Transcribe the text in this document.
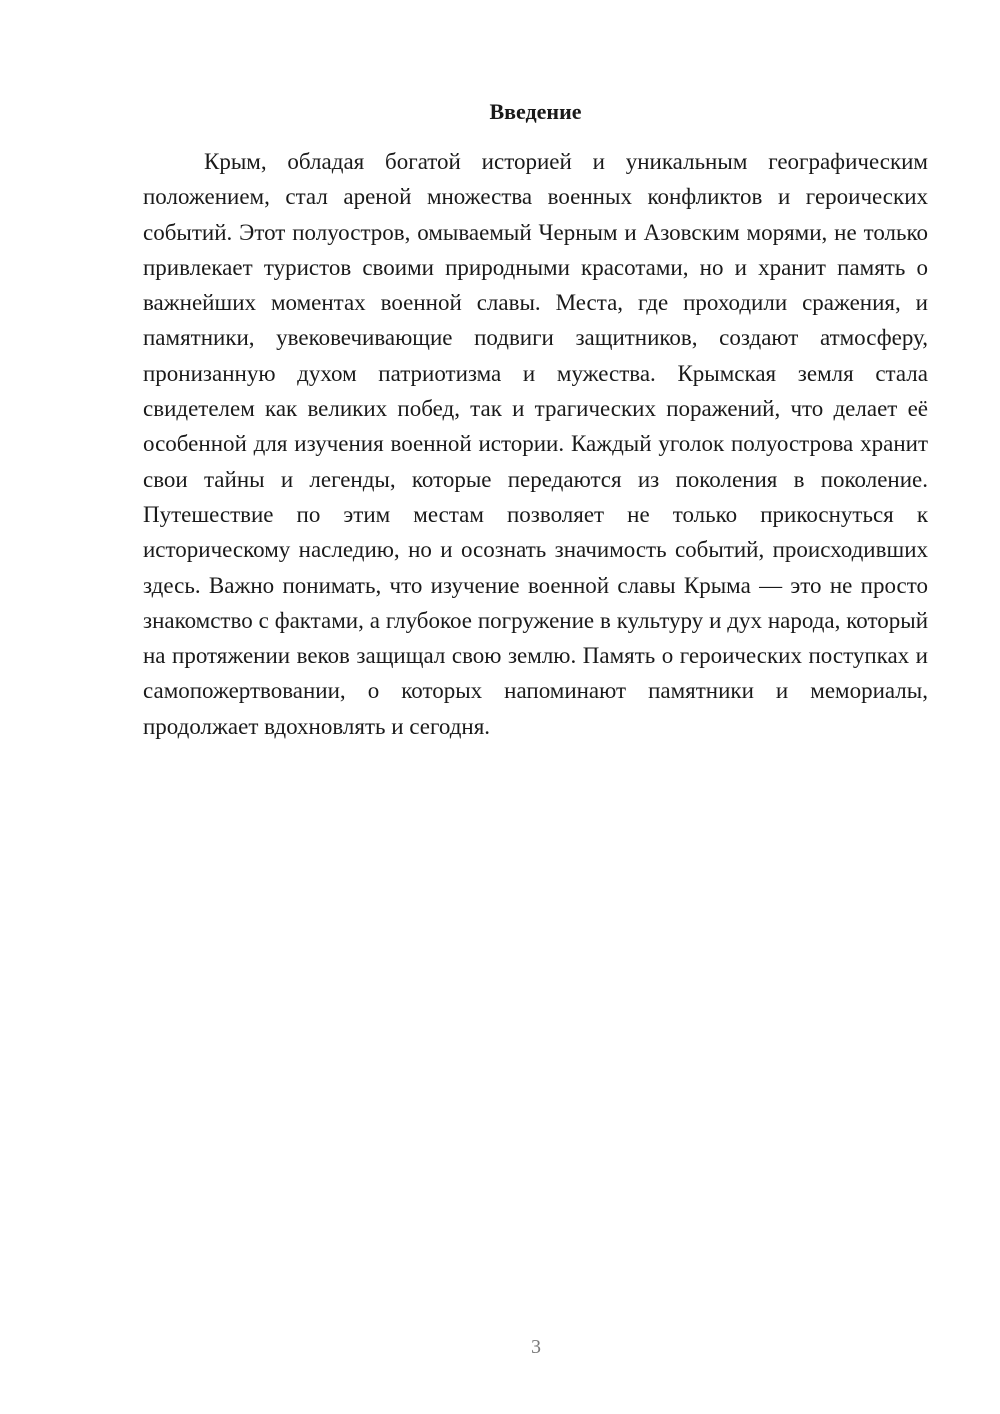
Введение

Крым, обладая богатой историей и уникальным географическим положением, стал ареной множества военных конфликтов и героических событий. Этот полуостров, омываемый Черным и Азовским морями, не только привлекает туристов своими природными красотами, но и хранит память о важнейших моментах военной славы. Места, где проходили сражения, и памятники, увековечивающие подвиги защитников, создают атмосферу, пронизанную духом патриотизма и мужества. Крымская земля стала свидетелем как великих побед, так и трагических поражений, что делает её особенной для изучения военной истории. Каждый уголок полуострова хранит свои тайны и легенды, которые передаются из поколения в поколение. Путешествие по этим местам позволяет не только прикоснуться к историческому наследию, но и осознать значимость событий, происходивших здесь. Важно понимать, что изучение военной славы Крыма — это не просто знакомство с фактами, а глубокое погружение в культуру и дух народа, который на протяжении веков защищал свою землю. Память о героических поступках и самопожертвовании, о которых напоминают памятники и мемориалы, продолжает вдохновлять и сегодня.

3
